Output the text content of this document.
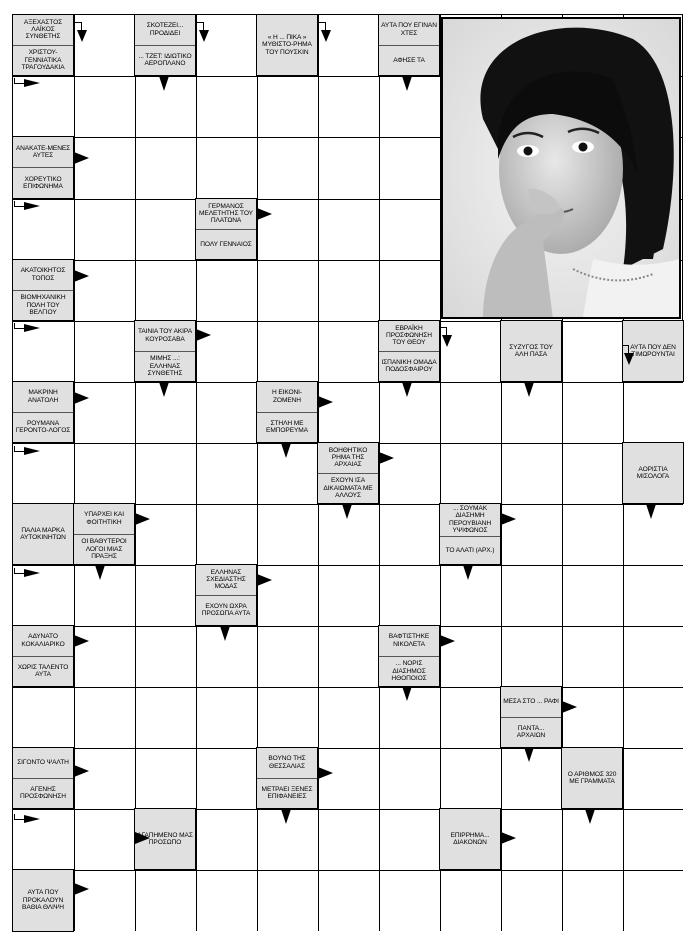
ΑΞΕΧΑΣΤΟΣ ΛΑΪΚΟΣ ΣΥΝΘΕΤΗΣ
ΧΡΙΣΤΟΥ-ΓΕΝΝΙΑΤΙΚΑ ΤΡΑΓΟΥΔΑΚΙΑ
ΣΚΟΤΕΖΕΙ... ΠΡΟΔΙΔΕΙ
... ΤΖΕΤ: ΙΔΙΩΤΙΚΟ ΑΕΡΟΠΛΑΝΟ
« Η ... ΠΙΚΑ » ΜΥΘΙΣΤΟ-ΡΗΜΑ ΤΟΥ ΠΟΥΣΚΙΝ
ΑΥΤΑ ΠΟΥ ΕΓΙΝΑΝ ΧΤΕΣ
ΑΦΗΣΕ ΤΑ
ΑΝΑΚΑΤΕ-ΜΕΝΕΣ ΑΥΤΕΣ
ΧΟΡΕΥΤΙΚΟ ΕΠΙΦΩΝΗΜΑ
ΓΕΡΜΑΝΟΣ ΜΕΛΕΤΗΤΗΣ ΤΟΥ ΠΛΑΤΩΝΑ
ΠΟΛΥ ΓΕΝΝΑΙΟΣ
ΑΚΑΤΟΙΚΗΤΟΣ ΤΟΠΟΣ
ΒΙΟΜΗΧΑΝΙΚΗ ΠΟΛΗ ΤΟΥ ΒΕΛΓΙΟΥ
ΤΑΙΝΙΑ ΤΟΥ ΑΚΙΡΑ ΚΟΥΡΟΣΑΒΑ
ΜΙΜΗΣ ...: ΕΛΛΗΝΑΣ ΣΥΝΘΕΤΗΣ
ΕΒΡΑΪΚΗ ΠΡΟΣΦΩΝΗΣΗ ΤΟΥ ΘΕΟΥ
ΙΣΠΑΝΙΚΗ ΟΜΑΔΑ ΠΟΔΟΣΦΑΙΡΟΥ
ΣΥΖΥΓΟΣ ΤΟΥ ΑΛΗ ΠΑΣΑ
ΑΥΤΑ ΠΟΥ ΔΕΝ ΤΙΜΩΡΟΥΝΤΑΙ
ΜΑΚΡΙΝΗ ΑΝΑΤΟΛΗ
ΡΟΥΜΑΝΑ ΓΕΡΟΝΤΟ-ΛΟΓΟΣ
Η ΕΙΚΟΝΙ-ΖΟΜΕΝΗ
ΣΤΗΛΗ ΜΕ ΕΜΠΟΡΕΥΜΑ
ΒΟΗΘΗΤΙΚΟ ΡΗΜΑ ΤΗΣ ΑΡΧΑΙΑΣ
ΕΧΟΥΝ ΙΣΑ ΔΙΚΑΙΩΜΑΤΑ ΜΕ ΑΛΛΟΥΣ
ΑΟΡΙΣΤΙΑ ΜΙΣΟΛΟΓΑ
ΠΑΛΙΑ ΜΑΡΚΑ ΑΥΤΟΚΙΝΗΤΩΝ
ΥΠΑΡΧΕΙ ΚΑΙ ΦΟΙΤΗΤΙΚΗ
ΟΙ ΒΑΘΥΤΕΡΟΙ ΛΟΓΟΙ ΜΙΑΣ ΠΡΑΞΗΣ
... ΣΟΥΜΑΚ ΔΙΑΣΗΜΗ ΠΕΡΟΥΒΙΑΝΗ ΥΨΙΦΩΝΟΣ
ΤΟ ΑΛΑΤΙ (ΑΡΧ.)
ΕΛΛΗΝΑΣ ΣΧΕΔΙΑΣΤΗΣ ΜΟΔΑΣ
ΕΧΟΥΝ ΩΧΡΑ ΠΡΟΣΩΠΑ ΑΥΤΑ
ΑΔΥΝΑΤΟ ΚΟΚΑΛΙΑΡΙΚΟ
ΧΩΡΙΣ ΤΑΛΕΝΤΟ ΑΥΤΑ
ΒΑΦΤΙΣΤΗΚΕ ΝΙΚΟΛΕΤΑ
... ΝΟΡΙΣ ΔΙΑΣΗΜΟΣ ΗΘΟΠΟΙΟΣ
ΜΕΣΑ ΣΤΟ ... ΡΑΦΙ
ΠΑΝΤΑ... ΑΡΧΑΙΩΝ
ΣΙΓΟΝΤΟ ΨΑΛΤΗ
ΑΓΕΝΗΣ ΠΡΟΣΦΩΝΗΣΗ
ΒΟΥΝΟ ΤΗΣ ΘΕΣΣΑΛΙΑΣ
ΜΕΤΡΑΕΙ ΞΕΝΕΣ ΕΠΙΦΑΝΕΙΕΣ
Ο ΑΡΙΘΜΟΣ 320 ΜΕ ΓΡΑΜΜΑΤΑ
ΑΓΑΠΗΜΕΝΟ ΜΑΣ ΠΡΟΣΩΠΟ
ΕΠΙΡΡΗΜΑ... ΔΙΑΚΟΝΩΝ
ΑΥΤΑ ΠΟΥ ΠΡΟΚΑΛΟΥΝ ΒΑΘΙΑ ΘΛΙΨΗ
